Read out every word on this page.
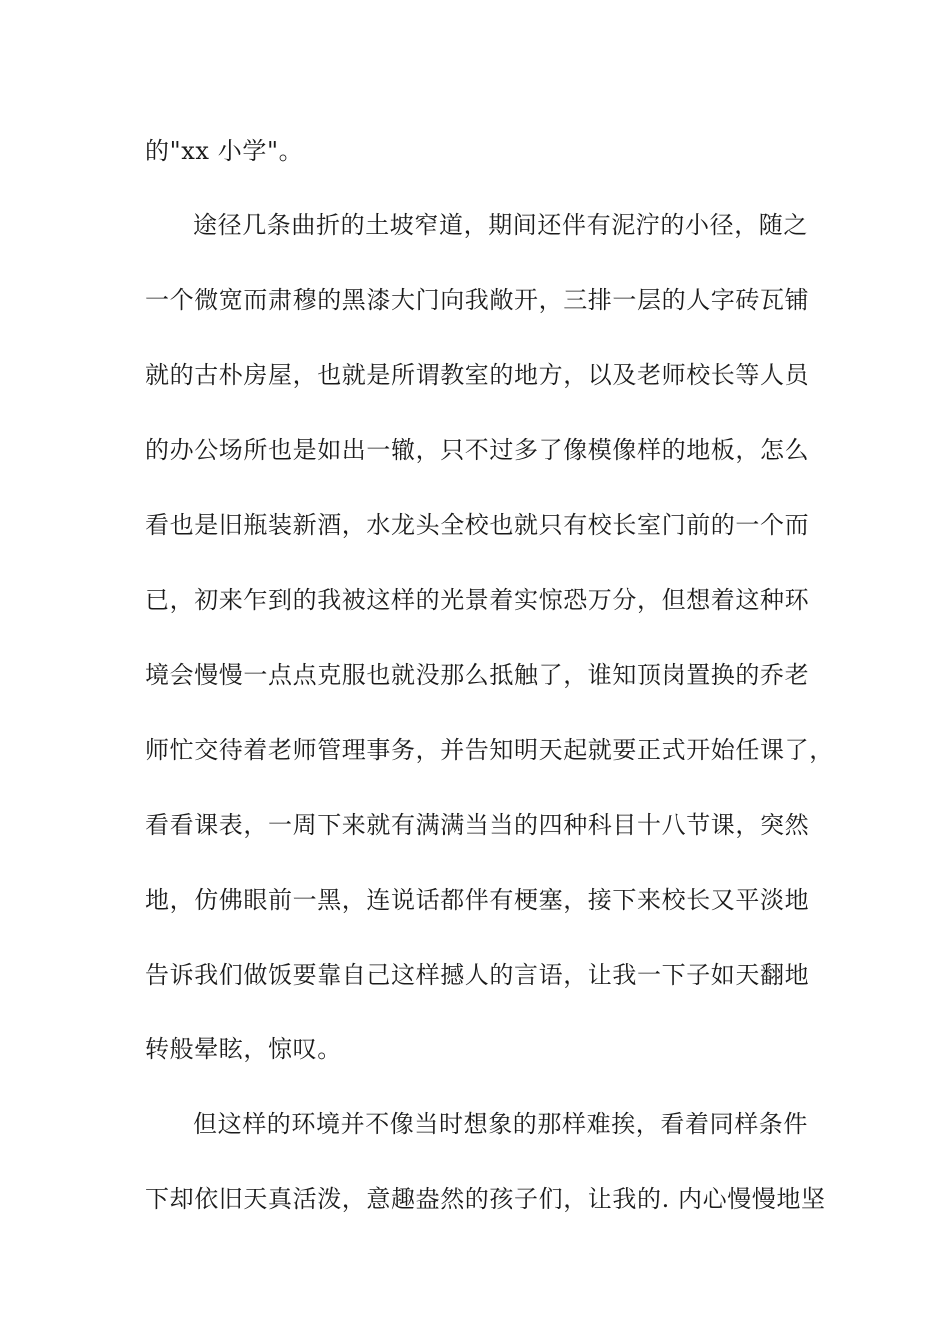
的"xx 小学"。
途径几条曲折的土坡窄道，期间还伴有泥泞的小径，随之
一个微宽而肃穆的黑漆大门向我敞开，三排一层的人字砖瓦铺
就的古朴房屋，也就是所谓教室的地方，以及老师校长等人员
的办公场所也是如出一辙，只不过多了像模像样的地板，怎么
看也是旧瓶装新酒，水龙头全校也就只有校长室门前的一个而
已，初来乍到的我被这样的光景着实惊恐万分，但想着这种环
境会慢慢一点点克服也就没那么抵触了，谁知顶岗置换的乔老
师忙交待着老师管理事务，并告知明天起就要正式开始任课了，
看看课表，一周下来就有满满当当的四种科目十八节课，突然
地，仿佛眼前一黑，连说话都伴有梗塞，接下来校长又平淡地
告诉我们做饭要靠自己这样撼人的言语，让我一下子如天翻地
转般晕眩，惊叹。
但这样的环境并不像当时想象的那样难挨，看着同样条件
下却依旧天真活泼，意趣盎然的孩子们，让我的. 内心慢慢地坚
